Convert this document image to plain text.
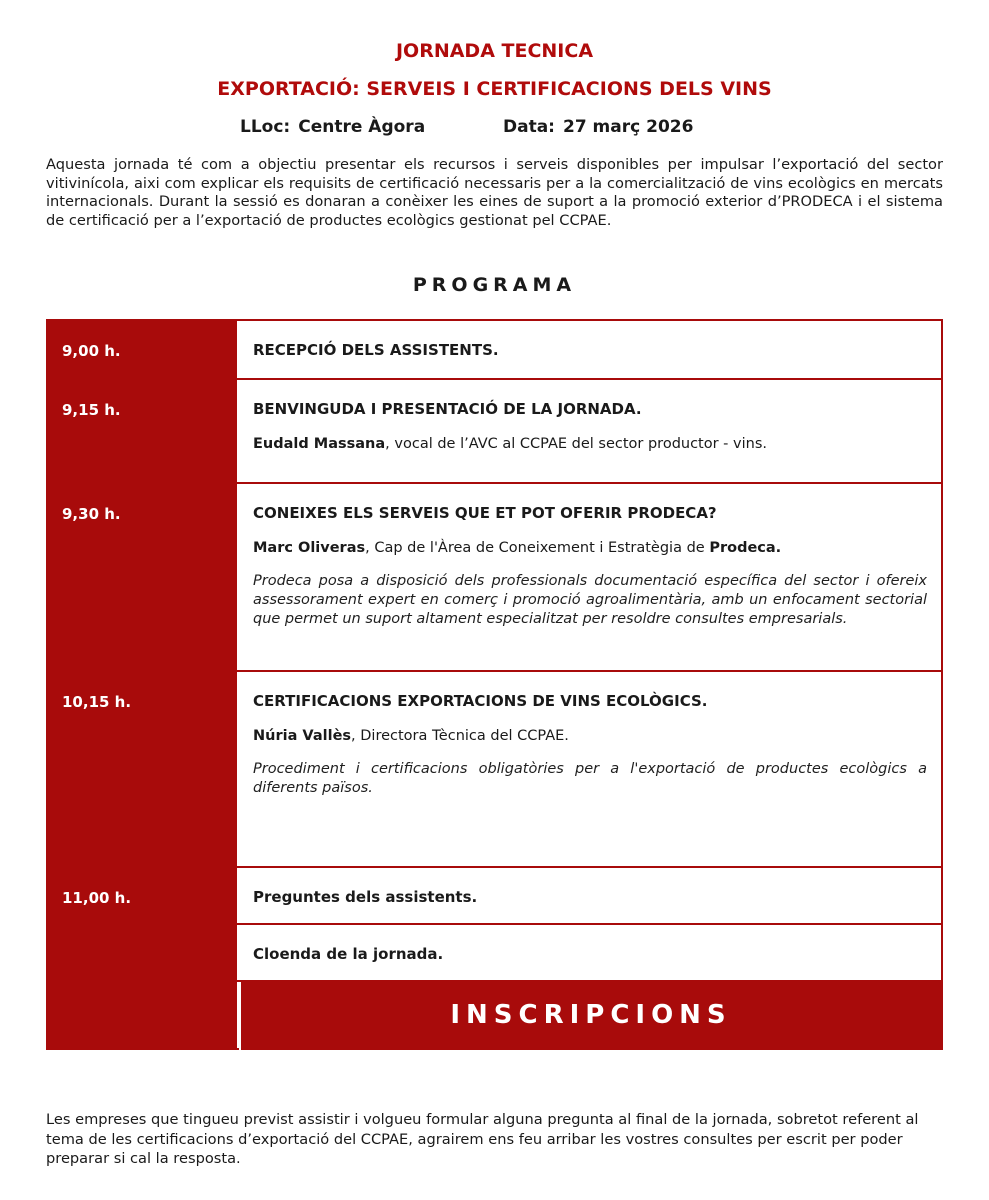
JORNADA TECNICA
EXPORTACIÓ: SERVEIS I CERTIFICACIONS DELS VINS
LLoc: Centre Àgora	Data: 27 març 2026
Aquesta jornada té com a objectiu presentar els recursos i serveis disponibles per impulsar l’exportació del sector vitivinícola, aixi com explicar els requisits de certificació necessaris per a la comercialització de vins ecològics en mercats internacionals. Durant la sessió es donaran a conèixer les eines de suport a la promoció exterior d’PRODECA i el sistema de certificació per a l’exportació de productes ecològics gestionat pel CCPAE.
PROGRAMA
9,00 h.	RECEPCIÓ DELS ASSISTENTS.
9,15 h.	BENVINGUDA I PRESENTACIÓ DE LA JORNADA.
Eudald Massana, vocal de l’AVC al CCPAE del sector productor - vins.
9,30 h.	CONEIXES ELS SERVEIS QUE ET POT OFERIR PRODECA?
Marc Oliveras, Cap de l'Àrea de Coneixement i Estratègia de Prodeca.
Prodeca posa a disposició dels professionals documentació específica del sector i ofereix assessorament expert en comerç i promoció agroalimentària, amb un enfocament sectorial que permet un suport altament especialitzat per resoldre consultes empresarials.
10,15 h.	CERTIFICACIONS EXPORTACIONS DE VINS ECOLÒGICS.
Núria Vallès, Directora Tècnica del CCPAE.
Procediment i certificacions obligatòries per a l'exportació de productes ecològics a diferents països.
11,00 h.	Preguntes dels assistents.
Cloenda de la jornada.
INSCRIPCIONS
Les empreses que tingueu previst assistir i volgueu formular alguna pregunta al final de la jornada, sobretot referent al tema de les certificacions d’exportació del CCPAE, agrairem ens feu arribar les vostres consultes per escrit per poder preparar si cal la resposta.
